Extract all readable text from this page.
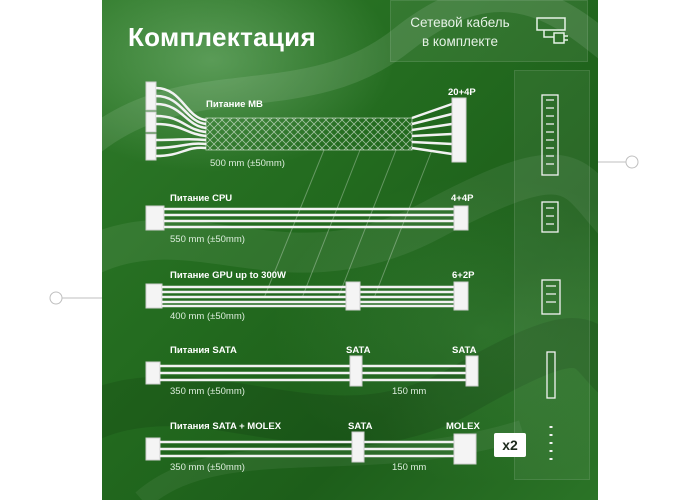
Комплектация	Сетевой кабель
в комплекте
Питание MB
20+4P
500 mm (±50mm)
Питание CPU	4+4P
550 mm (±50mm)
Питание GPU up to 300W	6+2P
400 mm (±50mm)
Питания SATA	SATA	SATA
350 mm (±50mm)	150 mm
Питания SATA + MOLEX	SATA	MOLEX
350 mm (±50mm)	150 mm
x2
